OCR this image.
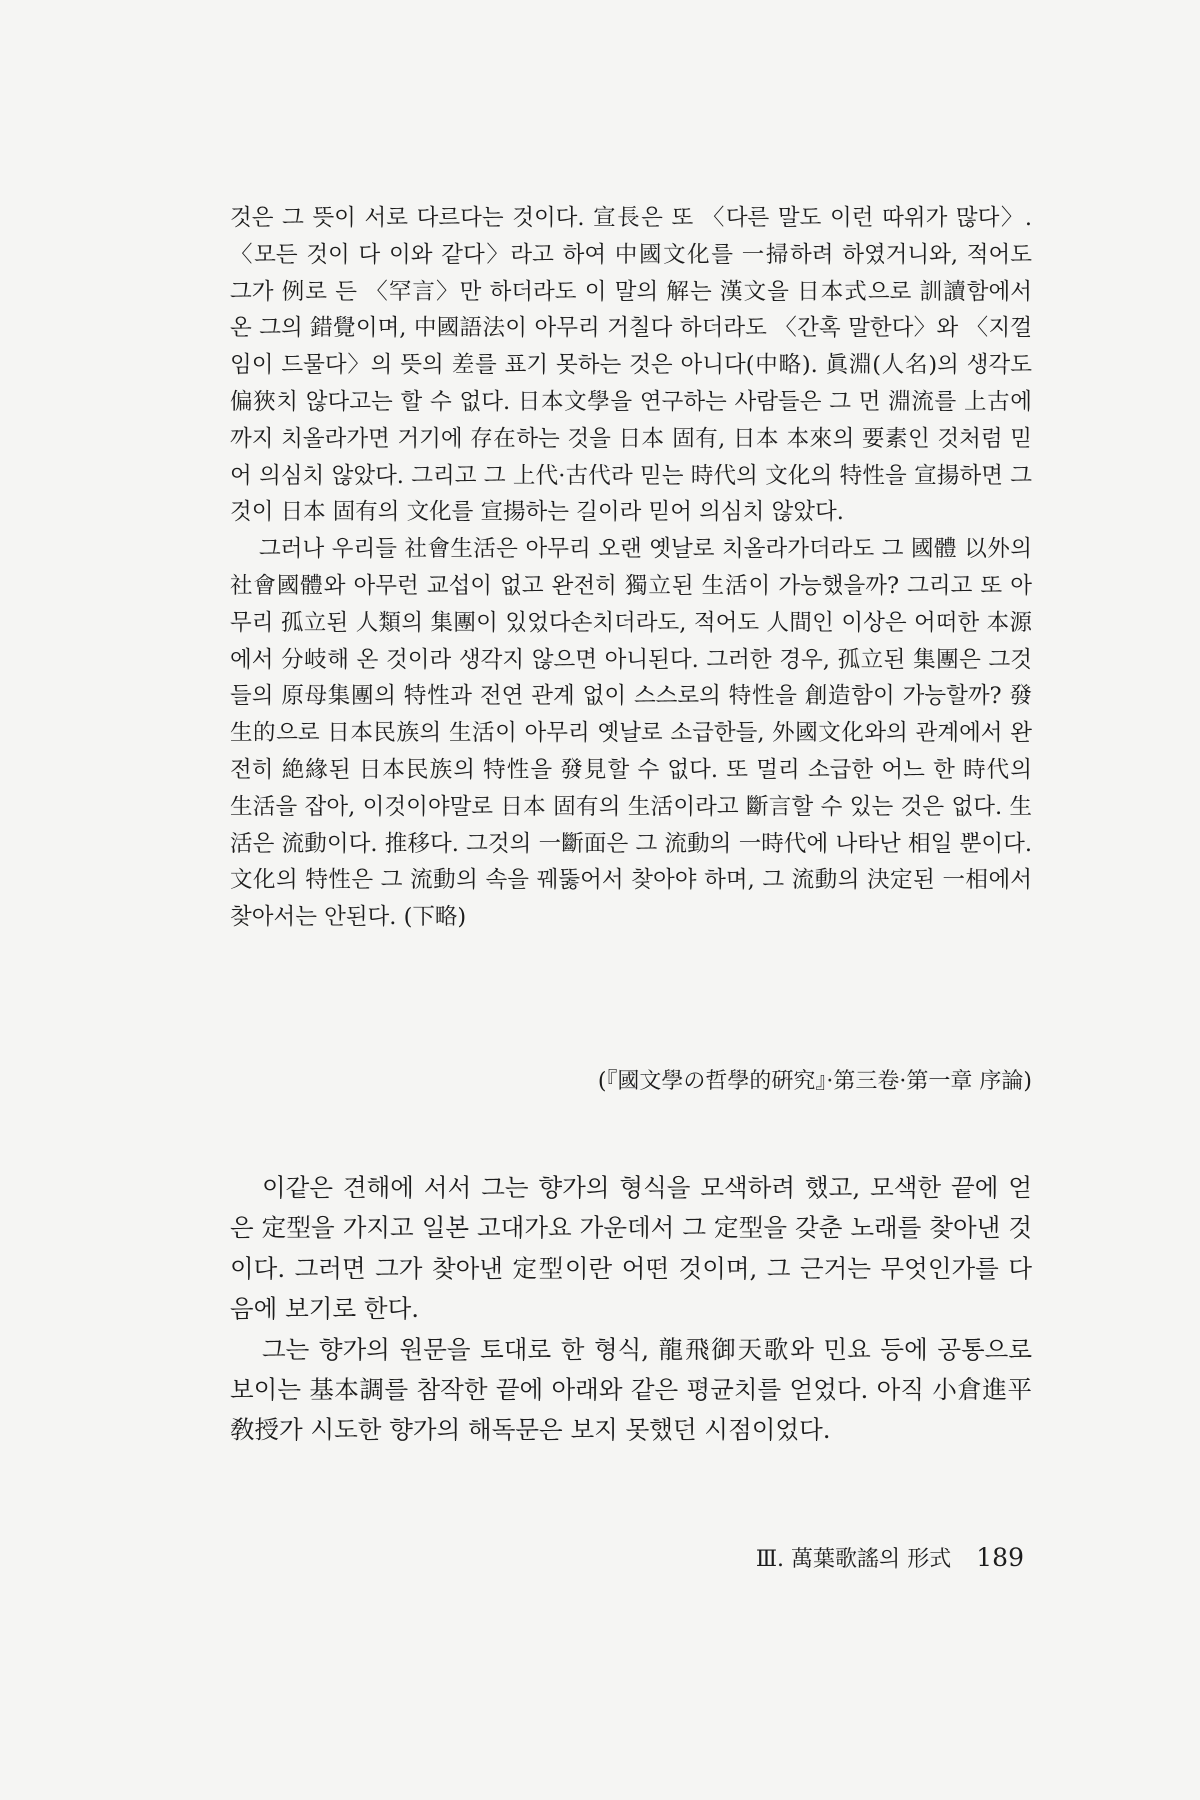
것은 그 뜻이 서로 다르다는 것이다. 宣長은 또 〈다른 말도 이런 따위가 많다〉. 〈모든 것이 다 이와 같다〉라고 하여 中國文化를 一掃하려 하였거니와, 적어도 그가 例로 든 〈罕言〉만 하더라도 이 말의 解는 漢文을 日本式으로 訓讀함에서 온 그의 錯覺이며, 中國語法이 아무리 거칠다 하더라도 〈간혹 말한다〉와 〈지껄임이 드물다〉의 뜻의 差를 표기 못하는 것은 아니다(中略). 眞淵(人名)의 생각도 偏狹치 않다고는 할 수 없다. 日本文學을 연구하는 사람들은 그 먼 淵流를 上古에까지 치올라가면 거기에 存在하는 것을 日本 固有, 日本 本來의 要素인 것처럼 믿어 의심치 않았다. 그리고 그 上代·古代라 믿는 時代의 文化의 特性을 宣揚하면 그것이 日本 固有의 文化를 宣揚하는 길이라 믿어 의심치 않았다.

그러나 우리들 社會生活은 아무리 오랜 옛날로 치올라가더라도 그 國體 以外의 社會國體와 아무런 교섭이 없고 완전히 獨立된 生活이 가능했을까? 그리고 또 아무리 孤立된 人類의 集團이 있었다손치더라도, 적어도 人間인 이상은 어떠한 本源에서 分岐해 온 것이라 생각지 않으면 아니된다. 그러한 경우, 孤立된 集團은 그것들의 原母集團의 特性과 전연 관계 없이 스스로의 特性을 創造함이 가능할까? 發生的으로 日本民族의 生活이 아무리 옛날로 소급한들, 外國文化와의 관계에서 완전히 絶緣된 日本民族의 特性을 發見할 수 없다. 또 멀리 소급한 어느 한 時代의 生活을 잡아, 이것이야말로 日本 固有의 生活이라고 斷言할 수 있는 것은 없다. 生活은 流動이다. 推移다. 그것의 一斷面은 그 流動의 一時代에 나타난 相일 뿐이다. 文化의 特性은 그 流動의 속을 꿰뚫어서 찾아야 하며, 그 流動의 決定된 一相에서 찾아서는 안된다. (下略)

(『國文學の哲學的硏究』·第三卷·第一章 序論)

이같은 견해에 서서 그는 향가의 형식을 모색하려 했고, 모색한 끝에 얻은 定型을 가지고 일본 고대가요 가운데서 그 定型을 갖춘 노래를 찾아낸 것이다. 그러면 그가 찾아낸 定型이란 어떤 것이며, 그 근거는 무엇인가를 다음에 보기로 한다.

그는 향가의 원문을 토대로 한 형식, 龍飛御天歌와 민요 등에 공통으로 보이는 基本調를 참작한 끝에 아래와 같은 평균치를 얻었다. 아직 小倉進平敎授가 시도한 향가의 해독문은 보지 못했던 시점이었다.

Ⅲ. 萬葉歌謠의 形式 189
